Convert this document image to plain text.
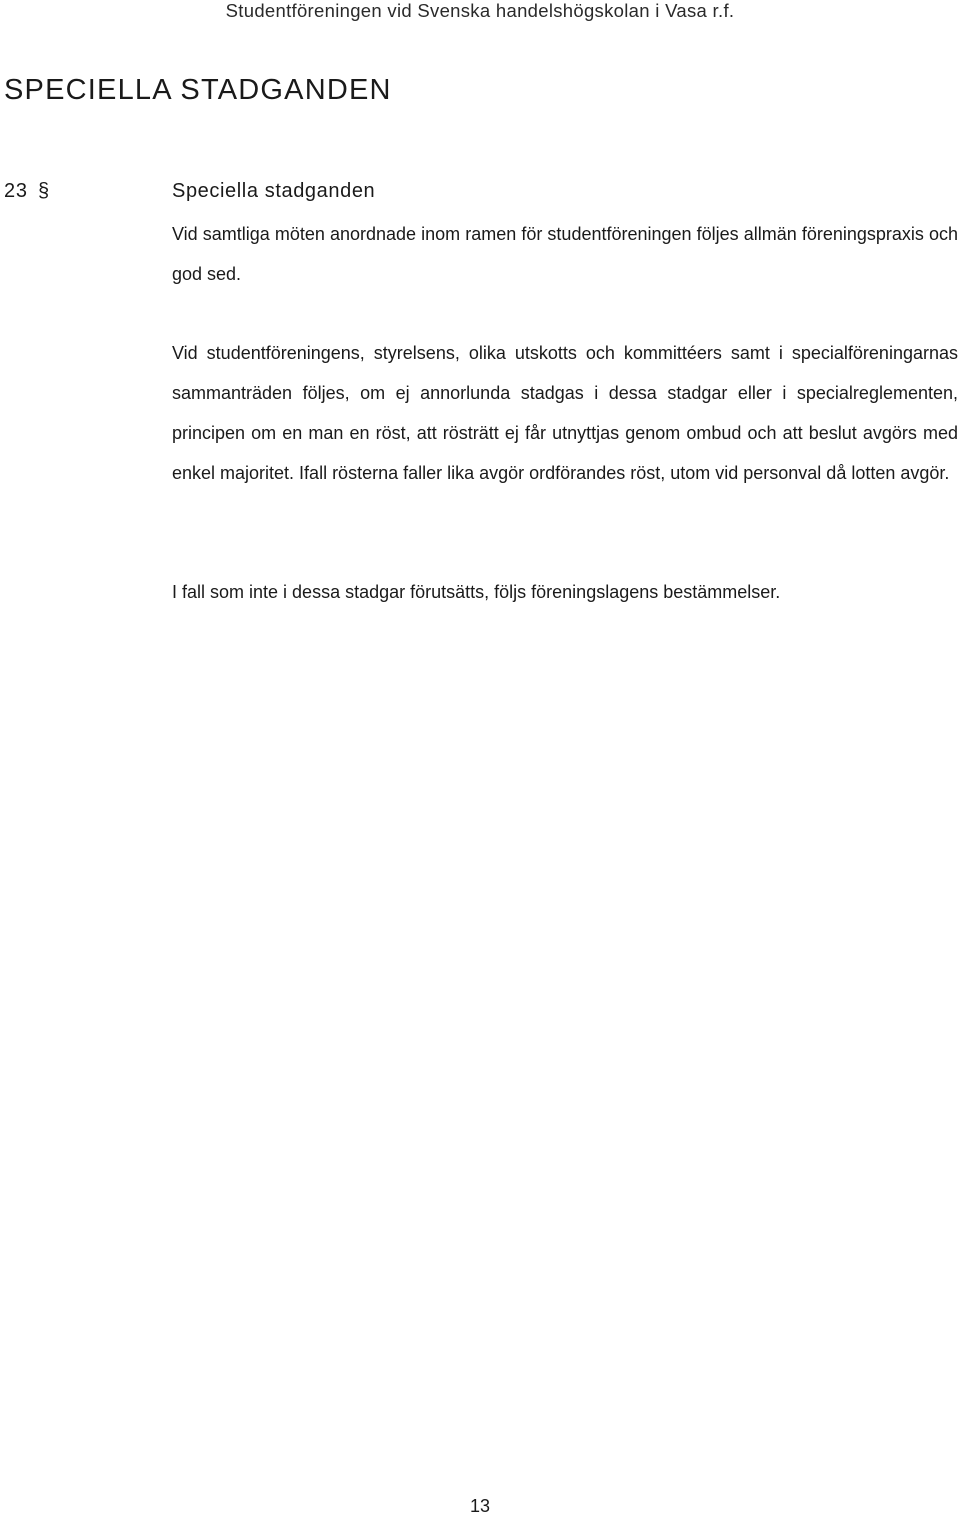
Studentföreningen vid Svenska handelshögskolan i Vasa r.f.
SPECIELLA STADGANDEN
23 §	Speciella stadganden

Vid samtliga möten anordnade inom ramen för studentföreningen följes allmän föreningspraxis och god sed.

Vid studentföreningens, styrelsens, olika utskotts och kommittéers samt i specialföreningarnas sammanträden följes, om ej annorlunda stadgas i dessa stadgar eller i specialreglementen, principen om en man en röst, att rösträtt ej får utnyttjas genom ombud och att beslut avgörs med enkel majoritet. Ifall rösterna faller lika avgör ordförandes röst, utom vid personval då lotten avgör.

I fall som inte i dessa stadgar förutsätts, följs föreningslagens bestämmelser.

13
